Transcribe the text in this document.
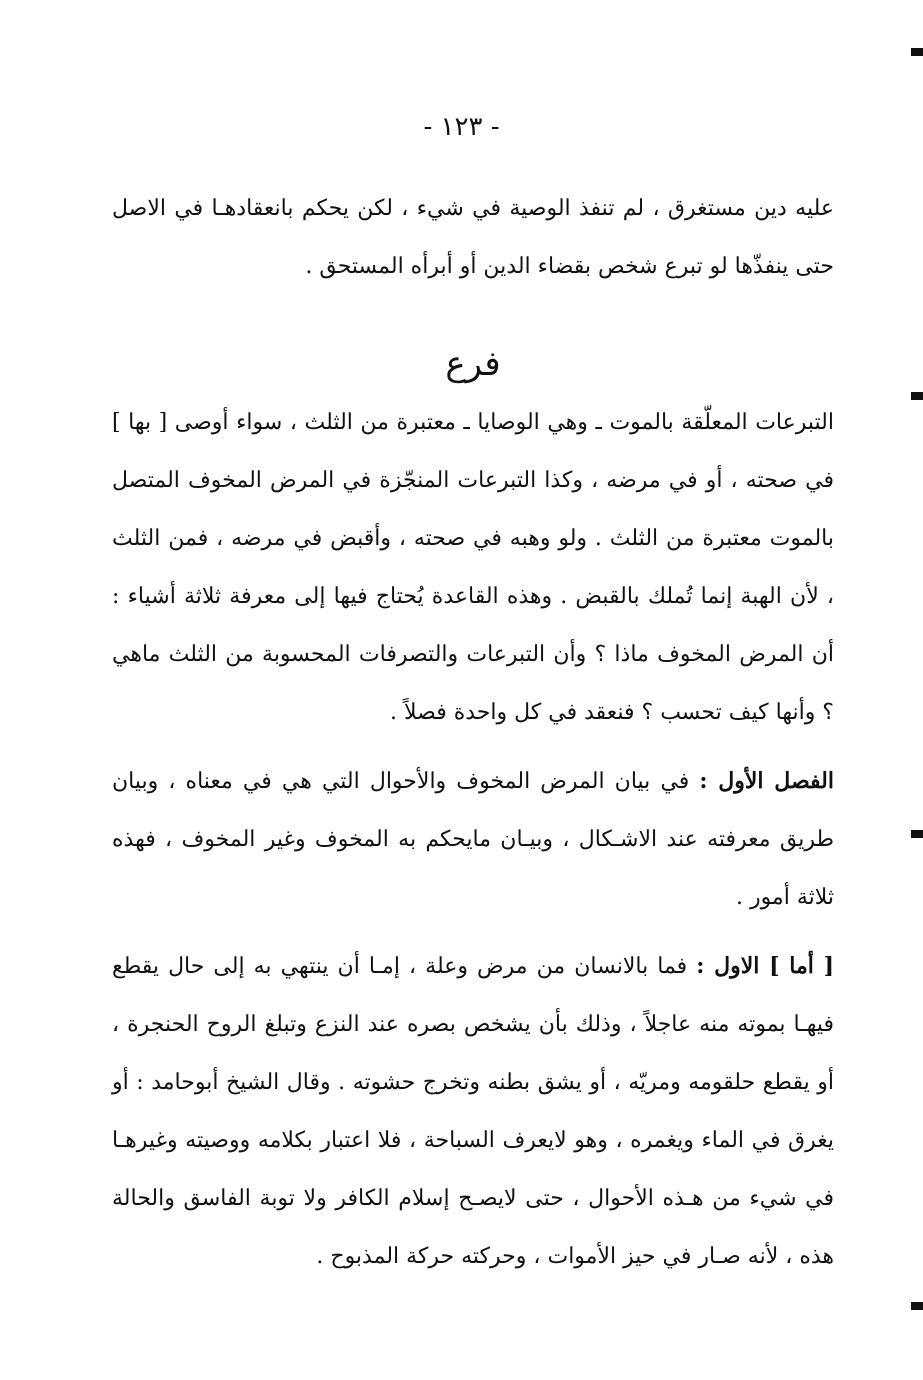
- ١٢٣ -

عليه دين مستغرق ، لم تنفذ الوصية في شيء ، لكن يحكم بانعقادهـا في الاصل حتى ينفذّها لو تبرع شخص بقضاء الدين أو أبرأه المستحق .

فرع

التبرعات المعلّقة بالموت ـ وهي الوصايا ـ معتبرة من الثلث ، سواء أوصى [ بها ] في صحته ، أو في مرضه ، وكذا التبرعات المنجّزة في المرض المخوف المتصل بالموت معتبرة من الثلث . ولو وهبه في صحته ، وأقبض في مرضه ، فمن الثلث ، لأن الهبة إنما تُملك بالقبض . وهذه القاعدة يُحتاج فيها إلى معرفة ثلاثة أشياء : أن المرض المخوف ماذا ؟ وأن التبرعات والتصرفات المحسوبة من الثلث ماهي ؟ وأنها كيف تحسب ؟ فنعقد في كل واحدة فصلاً .

الفصل الأول : في بيان المرض المخوف والأحوال التي هي في معناه ، وبيان طريق معرفته عند الاشـكال ، وبيـان مايحكم به المخوف وغير المخوف ، فهذه ثلاثة أمور .

[ أما ] الاول : فما بالانسان من مرض وعلة ، إمـا أن ينتهي به إلى حال يقطع فيهـا بموته منه عاجلاً ، وذلك بأن يشخص بصره عند النزع وتبلغ الروح الحنجرة ، أو يقطع حلقومه ومريّه ، أو يشق بطنه وتخرج حشوته . وقال الشيخ أبوحامد : أو يغرق في الماء ويغمره ، وهو لايعرف السباحة ، فلا اعتبار بكلامه ووصيته وغيرهـا في شيء من هـذه الأحوال ، حتى لايصـح إسلام الكافر ولا توبة الفاسق والحالة هذه ، لأنه صـار في حيز الأموات ، وحركته حركة المذبوح .
